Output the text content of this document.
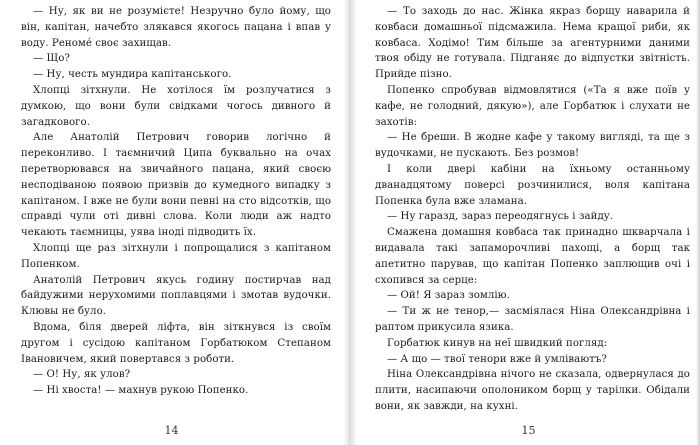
— Ну, як ви не розумієте! Незручно було йому, що він, капітан, начебто злякався якогось пацана і впав у воду. Реномé своє захищав.

— Що?

— Ну, честь мундира капітанського.

Хлопці зітхнули. Не хотілося їм розлучатися з думкою, що вони були свідками чогось дивного й загадкового.

Але Анатолій Петрович говорив логічно й переконливо. І таємничий Ципа буквально на очах перетворювався на звичайного пацана, який своєю несподіваною появою призвів до кумедного випадку з капітаном. І вже не були вони певні на сто відсотків, що справді чули оті дивні слова. Коли люди аж надто чекають таємницы, уява іноді підводить їх.

Хлопці ще раз зітхнули і попрощалися з капітаном Попенком.

Анатолій Петрович якусь годину постирчав над байдужими нерухомими поплавцями і змотав вудочки. Клювы не було.

Вдома, біля дверей ліфта, він зіткнувся із своїм другом і сусідою капітаном Горбатюком Степаном Івановичем, який повертався з роботи.

— О! Ну, як улов?

— Ні хвоста! — махнув рукою Попенко.

14

— То заходь до нас. Жінка якраз борщу наварила й ковбаси домашньої підсмажила. Нема кращої риби, як ковбаса. Ходімо! Тим більше за агентурними даними твоя обіду не готувала. Підганяє до відпустки звітність. Прийде пізно.

Попенко спробував відмовлятися («Та я вже поїв у кафе, не голодний, дякую»), але Горбатюк і слухати не захотів:

— Не бреши. В жодне кафе у такому вигляді, та ще з вудочками, не пускають. Без розмов!

І коли двері кабіни на їхньому останньому дванадцятому поверсі розчинилися, воля капітана Попенка була вже зламана.

— Ну гаразд, зараз переодягнусь і зайду.

Смажена домашня ковбаса так принадно шкварчала і видавала такі запаморочливі пахощі, а борщ так апетитно парував, що капітан Попенко заплющив очі і схопився за серце:

— Ой! Я зараз зомлію.

— Ти ж не тенор,— засміялася Ніна Олександрівна і раптом прикусила язика.

Горбатюк кинув на неї швидкий погляд:

— А що — твої тенори вже й умліваютъ?

Ніна Олександрівна нічого не сказала, одвернулася до плити, насипаючи ополоником борщ у тарілки. Обідали вони, як завжди, на кухні.

15
